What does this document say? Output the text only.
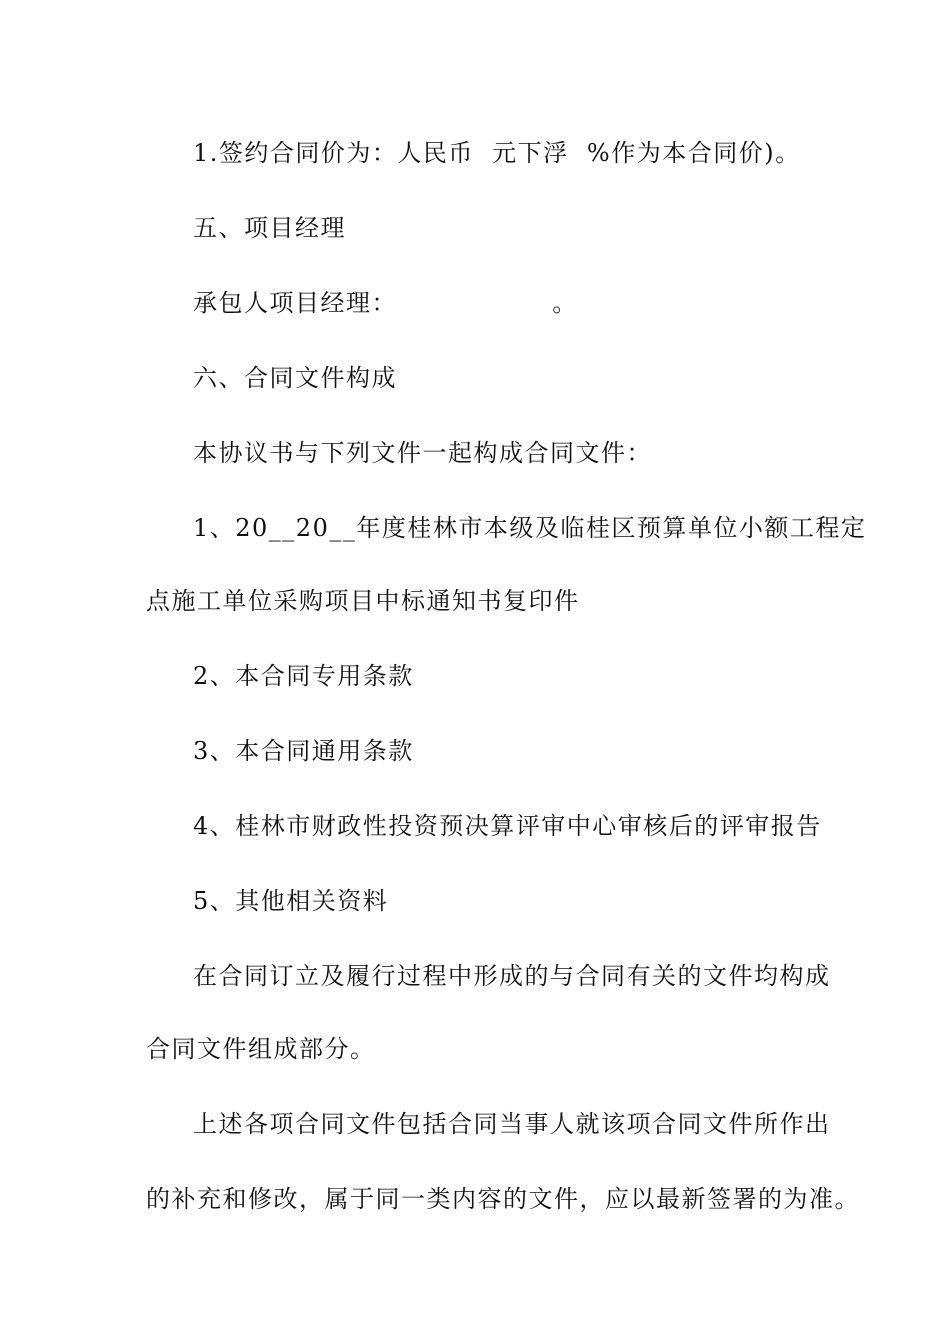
1.签约合同价为：人民币  元下浮  %作为本合同价)。
五、项目经理
承包人项目经理：                 。
六、合同文件构成
本协议书与下列文件一起构成合同文件：
1、20__20__年度桂林市本级及临桂区预算单位小额工程定
点施工单位采购项目中标通知书复印件
2、本合同专用条款
3、本合同通用条款
4、桂林市财政性投资预决算评审中心审核后的评审报告
5、其他相关资料
在合同订立及履行过程中形成的与合同有关的文件均构成
合同文件组成部分。
上述各项合同文件包括合同当事人就该项合同文件所作出
的补充和修改，属于同一类内容的文件，应以最新签署的为准。
